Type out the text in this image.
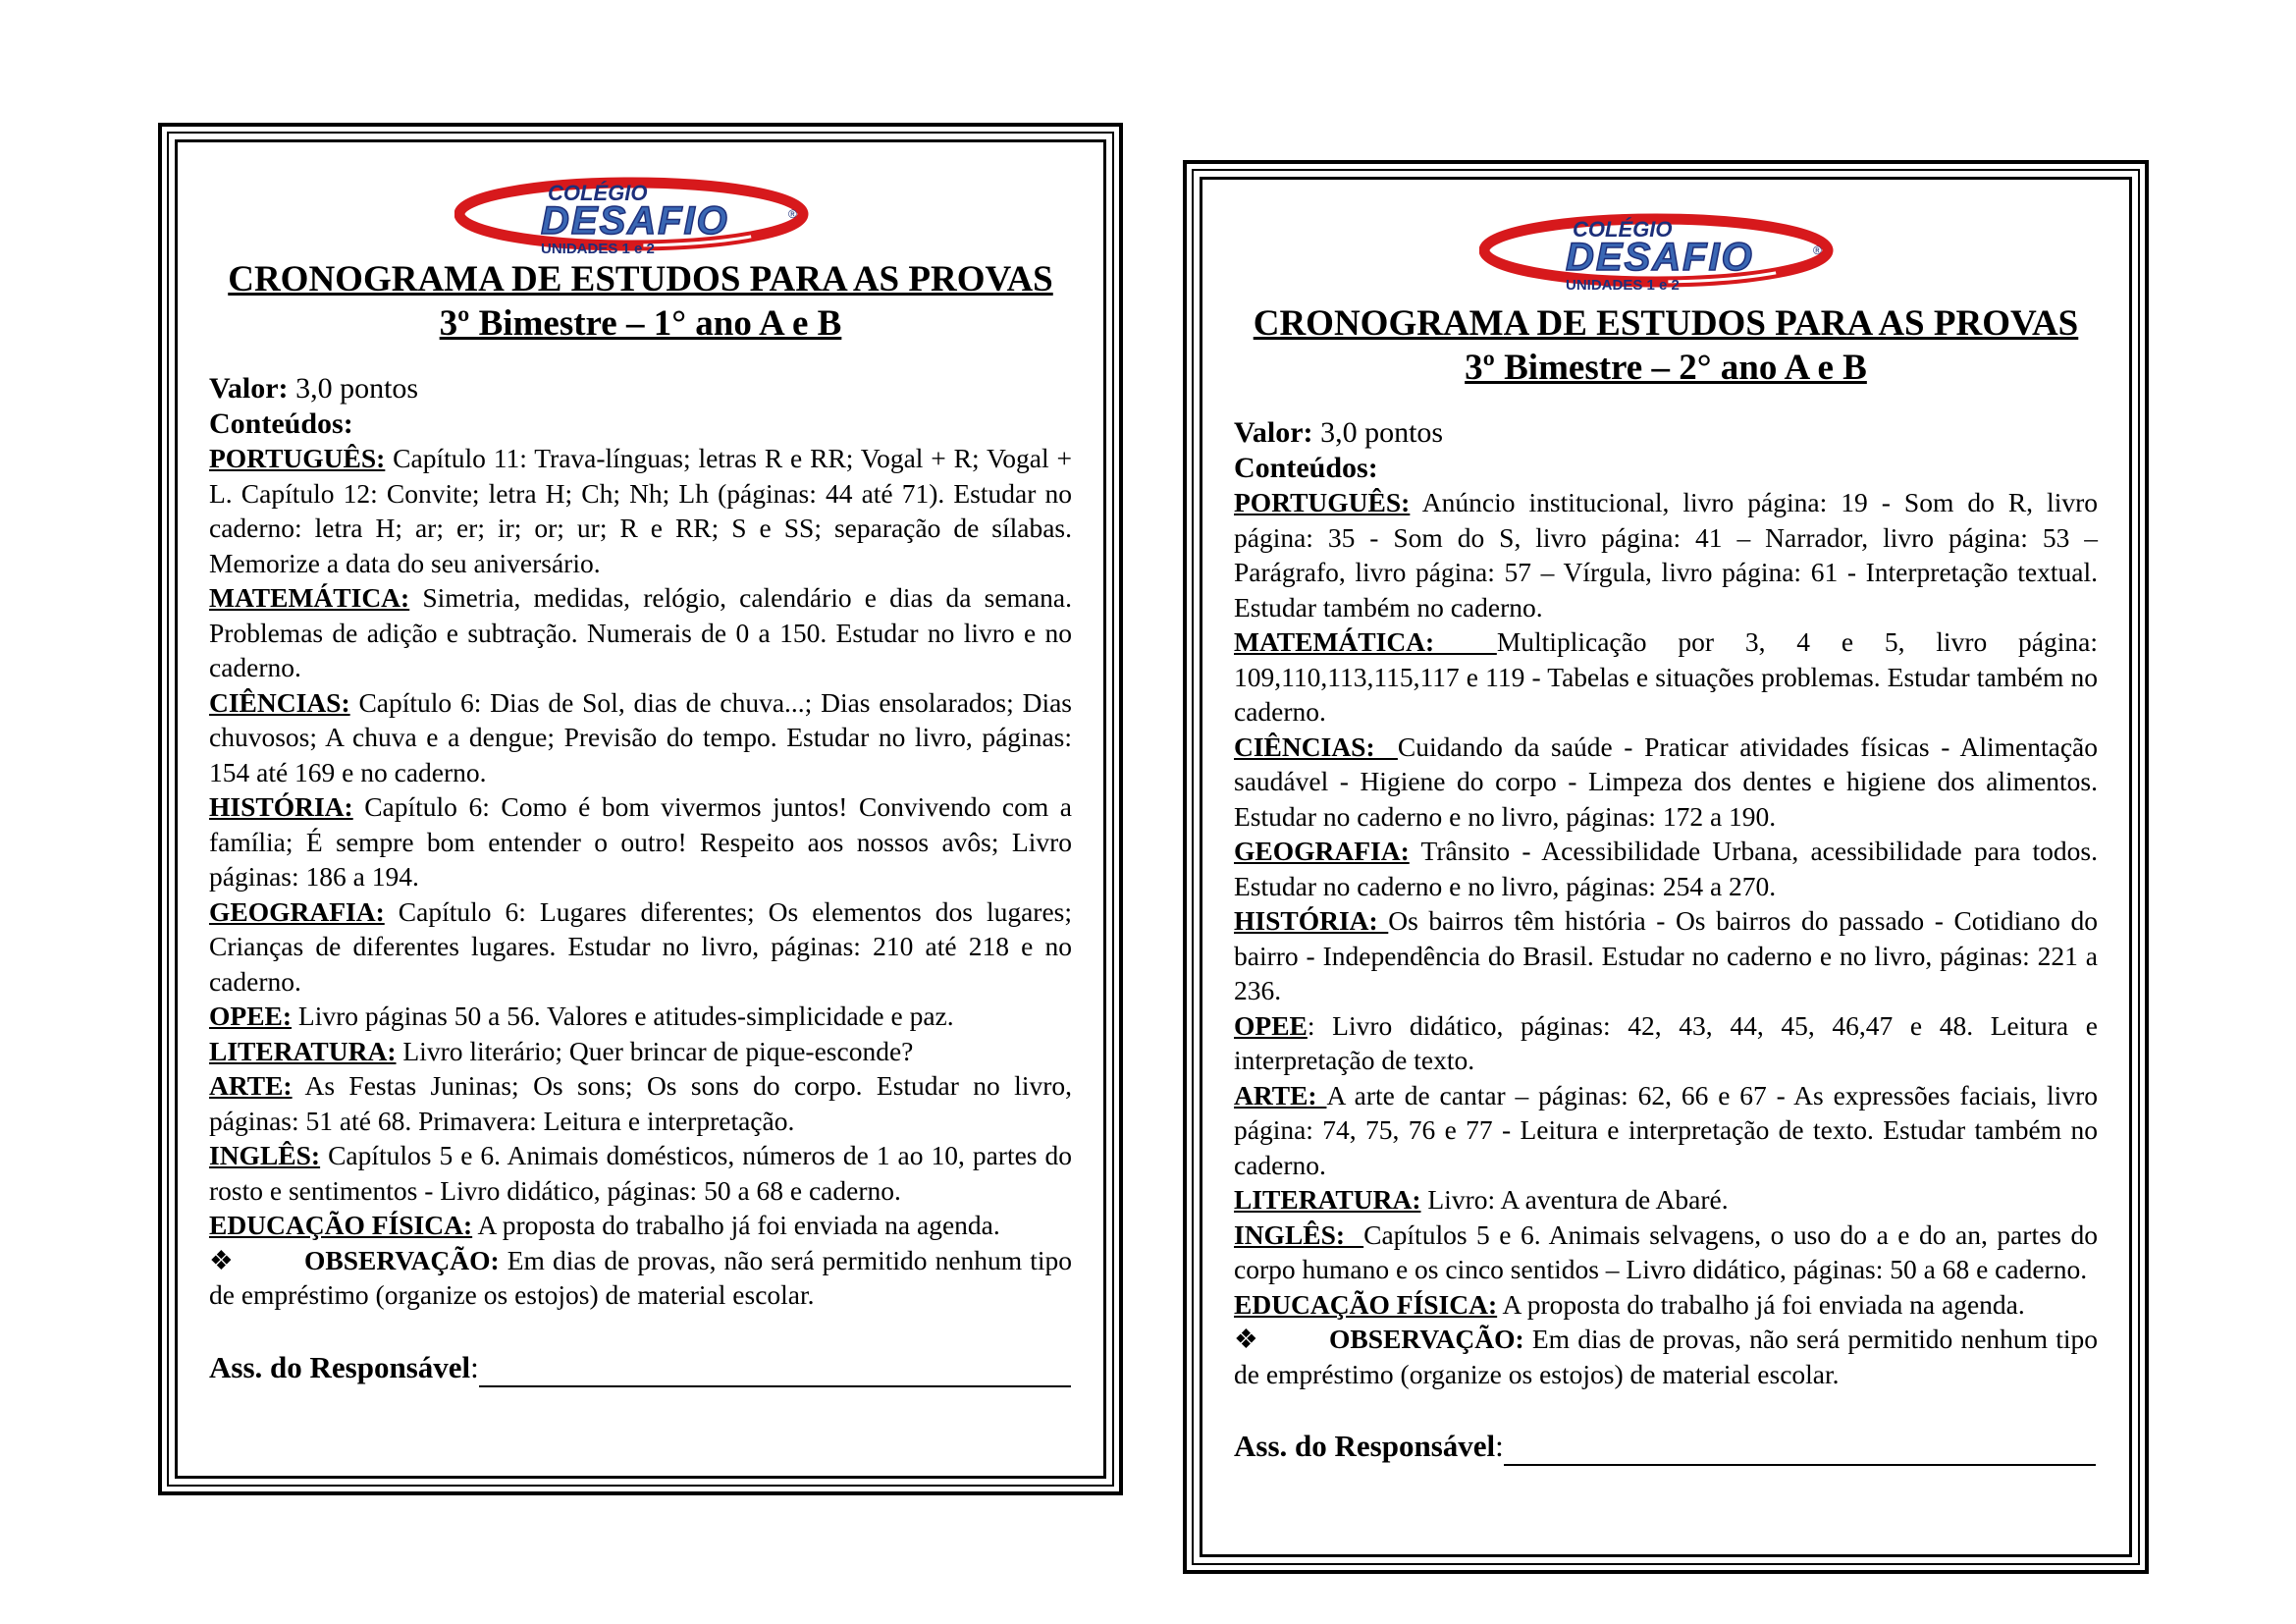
COLÉGIO
DESAFIO	®
UNIDADES 1 e 2

CRONOGRAMA DE ESTUDOS PARA AS PROVAS

3º Bimestre – 1° ano A e B

Valor: 3,0 pontos

Conteúdos:

PORTUGUÊS: Capítulo 11: Trava-línguas; letras R e RR; Vogal + R; Vogal + L. Capítulo 12: Convite; letra H; Ch; Nh; Lh (páginas: 44 até 71). Estudar no caderno: letra H; ar; er; ir; or; ur; R e RR; S e SS; separação de sílabas. Memorize a data do seu aniversário.

MATEMÁTICA: Simetria, medidas, relógio, calendário e dias da semana. Problemas de adição e subtração. Numerais de 0 a 150. Estudar no livro e no caderno.

CIÊNCIAS: Capítulo 6: Dias de Sol, dias de chuva...; Dias ensolarados; Dias chuvosos; A chuva e a dengue; Previsão do tempo. Estudar no livro, páginas: 154 até 169 e no caderno.

HISTÓRIA: Capítulo 6: Como é bom vivermos juntos! Convivendo com a família; É sempre bom entender o outro! Respeito aos nossos avôs; Livro páginas: 186 a 194.

GEOGRAFIA: Capítulo 6: Lugares diferentes; Os elementos dos lugares; Crianças de diferentes lugares. Estudar no livro, páginas: 210 até 218 e no caderno.

OPEE: Livro páginas 50 a 56. Valores e atitudes-simplicidade e paz.

LITERATURA: Livro literário; Quer brincar de pique-esconde?

ARTE: As Festas Juninas; Os sons; Os sons do corpo. Estudar no livro, páginas: 51 até 68. Primavera: Leitura e interpretação.

INGLÊS: Capítulos 5 e 6. Animais domésticos, números de 1 ao 10, partes do rosto e sentimentos - Livro didático, páginas: 50 a 68 e caderno.

EDUCAÇÃO FÍSICA: A proposta do trabalho já foi enviada na agenda.

❖	OBSERVAÇÃO: Em dias de provas, não será permitido nenhum tipo de empréstimo (organize os estojos) de material escolar.

Ass. do Responsável:
COLÉGIO
DESAFIO	®
UNIDADES 1 e 2

CRONOGRAMA DE ESTUDOS PARA AS PROVAS

3º Bimestre – 2° ano A e B

Valor: 3,0 pontos

Conteúdos:

PORTUGUÊS: Anúncio institucional, livro página: 19 - Som do R, livro página: 35 - Som do S, livro página: 41 – Narrador, livro página: 53 – Parágrafo, livro página: 57 – Vírgula, livro página: 61 - Interpretação textual. Estudar também no caderno.

MATEMÁTICA:  Multiplicação por 3, 4 e 5, livro página: 109,110,113,115,117 e 119 - Tabelas e situações problemas. Estudar também no caderno.

CIÊNCIAS:  Cuidando da saúde - Praticar atividades físicas - Alimentação saudável - Higiene do corpo - Limpeza dos dentes e higiene dos alimentos. Estudar no caderno e no livro, páginas: 172 a 190.

GEOGRAFIA: Trânsito - Acessibilidade Urbana, acessibilidade para todos. Estudar no caderno e no livro, páginas: 254 a 270.

HISTÓRIA: Os bairros têm história - Os bairros do passado - Cotidiano do bairro - Independência do Brasil. Estudar no caderno e no livro, páginas: 221 a 236.

OPEE: Livro didático, páginas: 42, 43, 44, 45, 46,47 e 48. Leitura e interpretação de texto.

ARTE: A arte de cantar – páginas: 62, 66 e 67 - As expressões faciais, livro página: 74, 75, 76 e 77 - Leitura e interpretação de texto. Estudar também no caderno.

LITERATURA: Livro: A aventura de Abaré.

INGLÊS:  Capítulos 5 e 6. Animais selvagens, o uso do a e do an, partes do corpo humano e os cinco sentidos – Livro didático, páginas: 50 a 68 e caderno.

EDUCAÇÃO FÍSICA: A proposta do trabalho já foi enviada na agenda.

❖	OBSERVAÇÃO: Em dias de provas, não será permitido nenhum tipo de empréstimo (organize os estojos) de material escolar.

Ass. do Responsável:
